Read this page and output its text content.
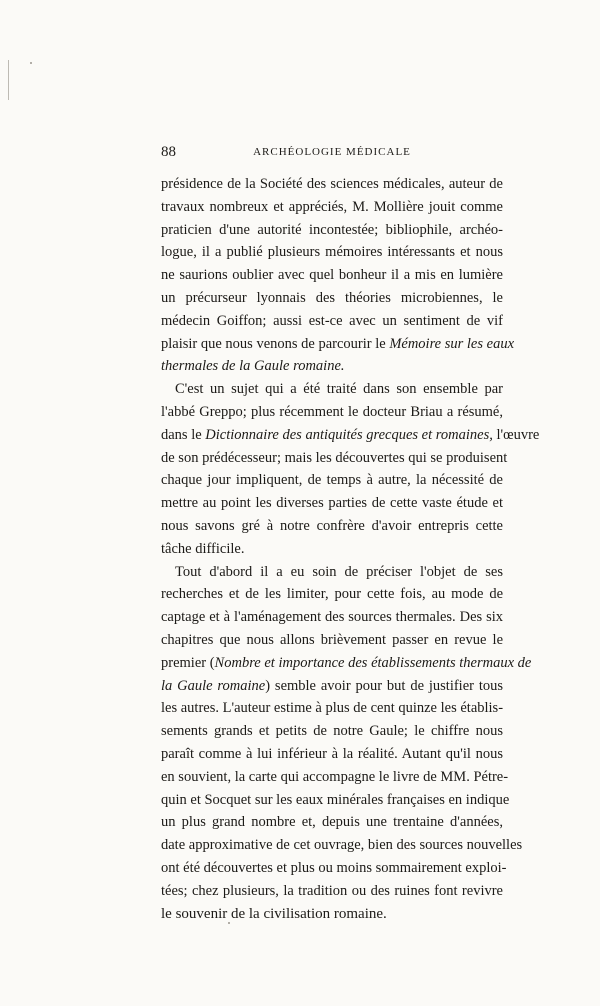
88	ARCHÉOLOGIE MÉDICALE
présidence de la Société des sciences médicales, auteur de
travaux nombreux et appréciés, M. Mollière jouit comme
praticien d'une autorité incontestée; bibliophile, archéo-
logue, il a publié plusieurs mémoires intéressants et nous
ne saurions oublier avec quel bonheur il a mis en lumière
un précurseur lyonnais des théories microbiennes, le
médecin Goiffon; aussi est-ce avec un sentiment de vif
plaisir que nous venons de parcourir le Mémoire sur les eaux
thermales de la Gaule romaine.
C'est un sujet qui a été traité dans son ensemble par
l'abbé Greppo; plus récemment le docteur Briau a résumé,
dans le Dictionnaire des antiquités grecques et romaines, l'œuvre
de son prédécesseur; mais les découvertes qui se produisent
chaque jour impliquent, de temps à autre, la nécessité de
mettre au point les diverses parties de cette vaste étude et
nous savons gré à notre confrère d'avoir entrepris cette
tâche difficile.
Tout d'abord il a eu soin de préciser l'objet de ses
recherches et de les limiter, pour cette fois, au mode de
captage et à l'aménagement des sources thermales. Des six
chapitres que nous allons brièvement passer en revue le
premier (Nombre et importance des établissements thermaux de
la Gaule romaine) semble avoir pour but de justifier tous
les autres. L'auteur estime à plus de cent quinze les établis-
sements grands et petits de notre Gaule; le chiffre nous
paraît comme à lui inférieur à la réalité. Autant qu'il nous
en souvient, la carte qui accompagne le livre de MM. Pétre-
quin et Socquet sur les eaux minérales françaises en indique
un plus grand nombre et, depuis une trentaine d'années,
date approximative de cet ouvrage, bien des sources nouvelles
ont été découvertes et plus ou moins sommairement exploi-
tées; chez plusieurs, la tradition ou des ruines font revivre
le souvenir de la civilisation romaine.
